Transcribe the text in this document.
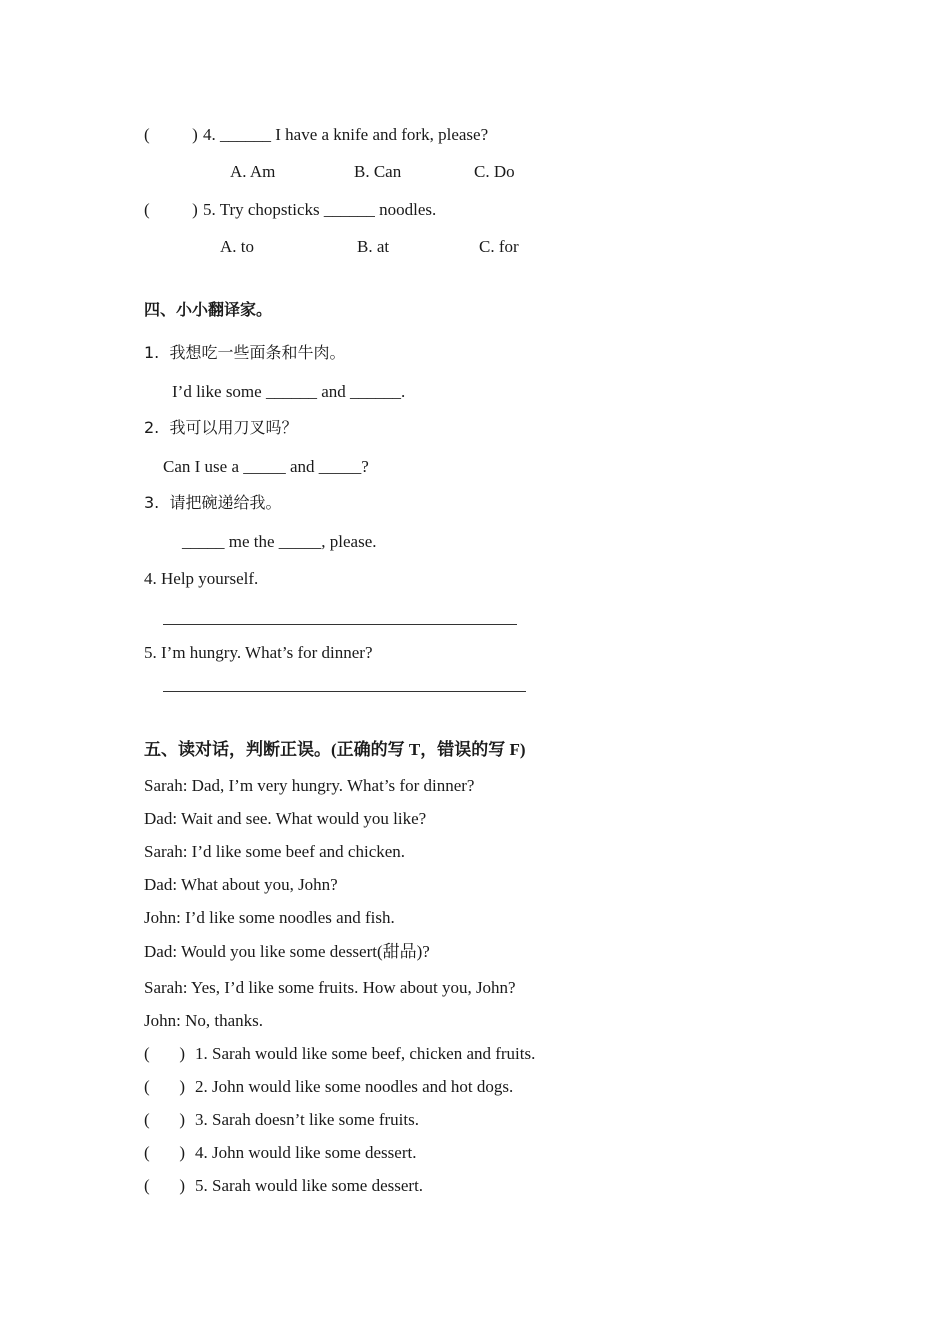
(          ) 4. ______ I have a knife and fork, please?
A. Am	B. Can	C. Do
(          ) 5. Try chopsticks ______ noodles.
A. to	B. at	C. for
四、小小翻译家。
1.  我想吃一些面条和牛肉。
I’d like some ______ and ______.
2.  我可以用刀叉吗？
Can I use a _____ and _____?
3.  请把碗递给我。
_____ me the _____, please.
4. Help yourself.
5. I’m hungry. What’s for dinner?
五、读对话，判断正误。(正确的写 T，错误的写 F)
Sarah: Dad, I’m very hungry. What’s for dinner?
Dad: Wait and see. What would you like?
Sarah: I’d like some beef and chicken.
Dad: What about you, John?
John: I’d like some noodles and fish.
Dad: Would you like some dessert(甜品)?
Sarah: Yes, I’d like some fruits. How about you, John?
John: No, thanks.
(       ) 1. Sarah would like some beef, chicken and fruits.
(       ) 2. John would like some noodles and hot dogs.
(       ) 3. Sarah doesn’t like some fruits.
(       ) 4. John would like some dessert.
(       ) 5. Sarah would like some dessert.
